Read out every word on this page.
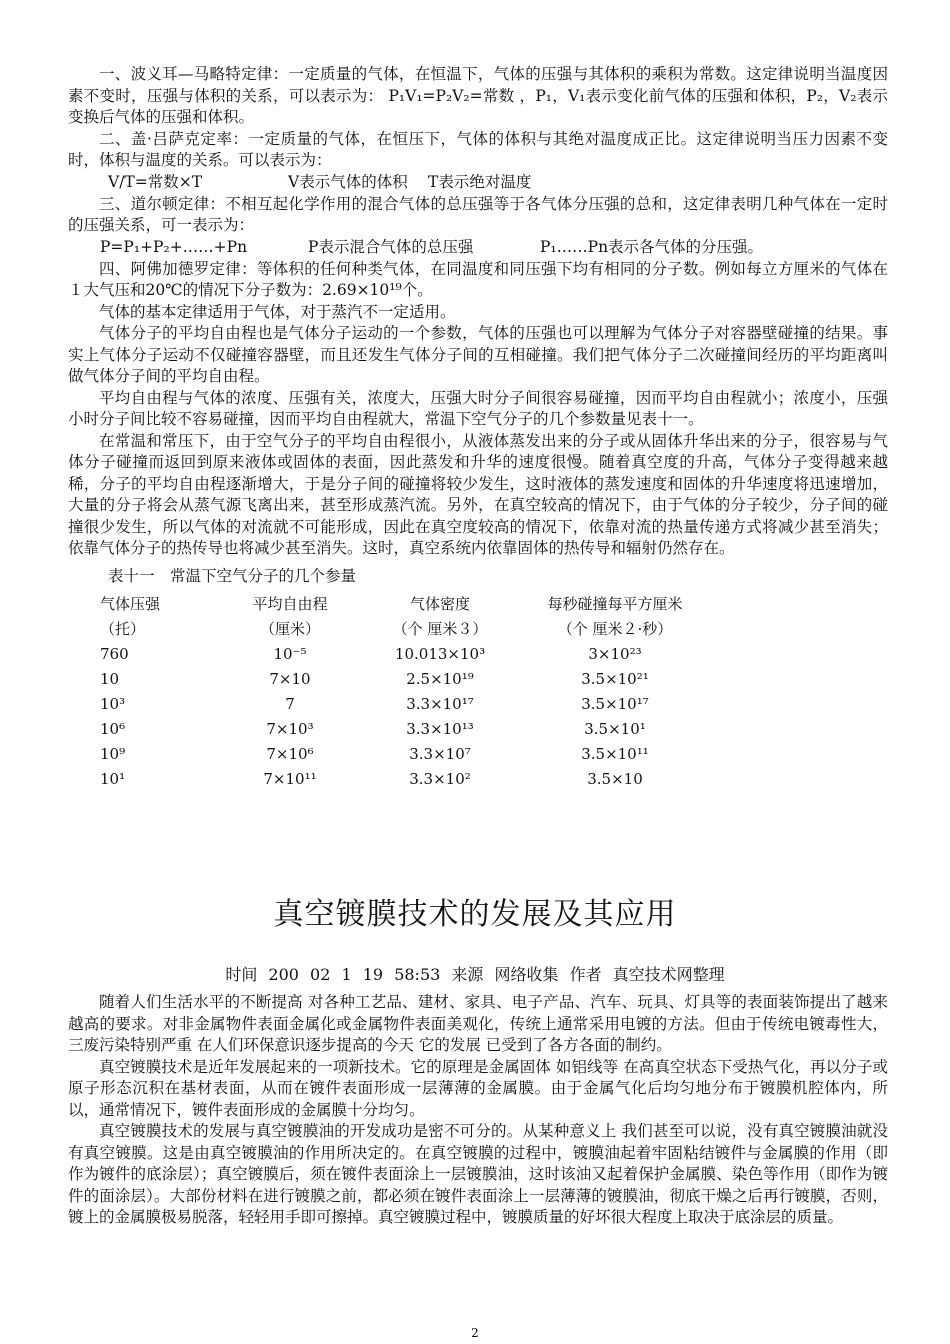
一、波义耳—马略特定律：一定质量的气体，在恒温下，气体的压强与其体积的乘积为常数。这定律说明当温度因素不变时，压强与体积的关系，可以表示为： P₁V₁=P₂V₂=常数 ，P₁，V₁表示变化前气体的压强和体积，P₂，V₂表示变换后气体的压强和体积。

二、盖·吕萨克定率：一定质量的气体，在恒压下，气体的体积与其绝对温度成正比。这定律说明当压力因素不变时，体积与温度的关系。可以表示为：

V/T=常数×T	V表示气体的体积 T表示绝对温度

三、道尔顿定律：不相互起化学作用的混合气体的总压强等于各气体分压强的总和，这定律表明几种气体在一定时的压强关系，可一表示为：

P=P₁+P₂+……+Pn	P表示混合气体的总压强	P₁……Pn表示各气体的分压强。

四、阿佛加德罗定律：等体积的任何种类气体，在同温度和同压强下均有相同的分子数。例如每立方厘米的气体在１大气压和20℃的情况下分子数为：2.69×10¹⁹个。

气体的基本定律适用于气体，对于蒸汽不一定适用。

气体分子的平均自由程也是气体分子运动的一个参数，气体的压强也可以理解为气体分子对容器壁碰撞的结果。事实上气体分子运动不仅碰撞容器壁，而且还发生气体分子间的互相碰撞。我们把气体分子二次碰撞间经历的平均距离叫做气体分子间的平均自由程。

平均自由程与气体的浓度、压强有关，浓度大，压强大时分子间很容易碰撞，因而平均自由程就小；浓度小，压强小时分子间比较不容易碰撞，因而平均自由程就大，常温下空气分子的几个参数量见表十一。

在常温和常压下，由于空气分子的平均自由程很小，从液体蒸发出来的分子或从固体升华出来的分子，很容易与气体分子碰撞而返回到原来液体或固体的表面，因此蒸发和升华的速度很慢。随着真空度的升高，气体分子变得越来越稀，分子的平均自由程逐渐增大，于是分子间的碰撞将较少发生，这时液体的蒸发速度和固体的升华速度将迅速增加，大量的分子将会从蒸气源飞离出来，甚至形成蒸汽流。另外，在真空较高的情况下，由于气体的分子较少，分子间的碰撞很少发生，所以气体的对流就不可能形成，因此在真空度较高的情况下，依靠对流的热量传递方式将减少甚至消失；依靠气体分子的热传导也将减少甚至消失。这时，真空系统内依靠固体的热传导和辐射仍然存在。

表十一　常温下空气分子的几个参量
气体压强	平均自由程	气体密度	每秒碰撞每平方厘米
（托）	（厘米）	（个 厘米３）	（个 厘米２·秒）
760	10⁻⁵	10.013×10³	3×10²³
10	7×10	2.5×10¹⁹	3.5×10²¹
10³	7	3.3×10¹⁷	3.5×10¹⁷
10⁶	7×10³	3.3×10¹³	3.5×10¹
10⁹	7×10⁶	3.3×10⁷	3.5×10¹¹
10¹	7×10¹¹	3.3×10²	3.5×10
真空镀膜技术的发展及其应用
时间 200 02 1 19 58:53 来源 网络收集 作者 真空技术网整理

随着人们生活水平的不断提高 对各种工艺品、建材、家具、电子产品、汽车、玩具、灯具等的表面装饰提出了越来越高的要求。对非金属物件表面金属化或金属物件表面美观化，传统上通常采用电镀的方法。但由于传统电镀毒性大，三废污染特别严重 在人们环保意识逐步提高的今天 它的发展 已受到了各方各面的制约。

真空镀膜技术是近年发展起来的一项新技术。它的原理是金属固体 如铝线等 在高真空状态下受热气化，再以分子或原子形态沉积在基材表面，从而在镀件表面形成一层薄薄的金属膜。由于金属气化后均匀地分布于镀膜机腔体内，所以，通常情况下，镀件表面形成的金属膜十分均匀。

真空镀膜技术的发展与真空镀膜油的开发成功是密不可分的。从某种意义上 我们甚至可以说，没有真空镀膜油就没有真空镀膜。这是由真空镀膜油的作用所决定的。在真空镀膜的过程中，镀膜油起着牢固粘结镀件与金属膜的作用（即作为镀件的底涂层）；真空镀膜后，须在镀件表面涂上一层镀膜油，这时该油又起着保护金属膜、染色等作用（即作为镀件的面涂层）。大部份材料在进行镀膜之前，都必须在镀件表面涂上一层薄薄的镀膜油，彻底干燥之后再行镀膜，否则，镀上的金属膜极易脱落，轻轻用手即可擦掉。真空镀膜过程中，镀膜质量的好坏很大程度上取决于底涂层的质量。

2
